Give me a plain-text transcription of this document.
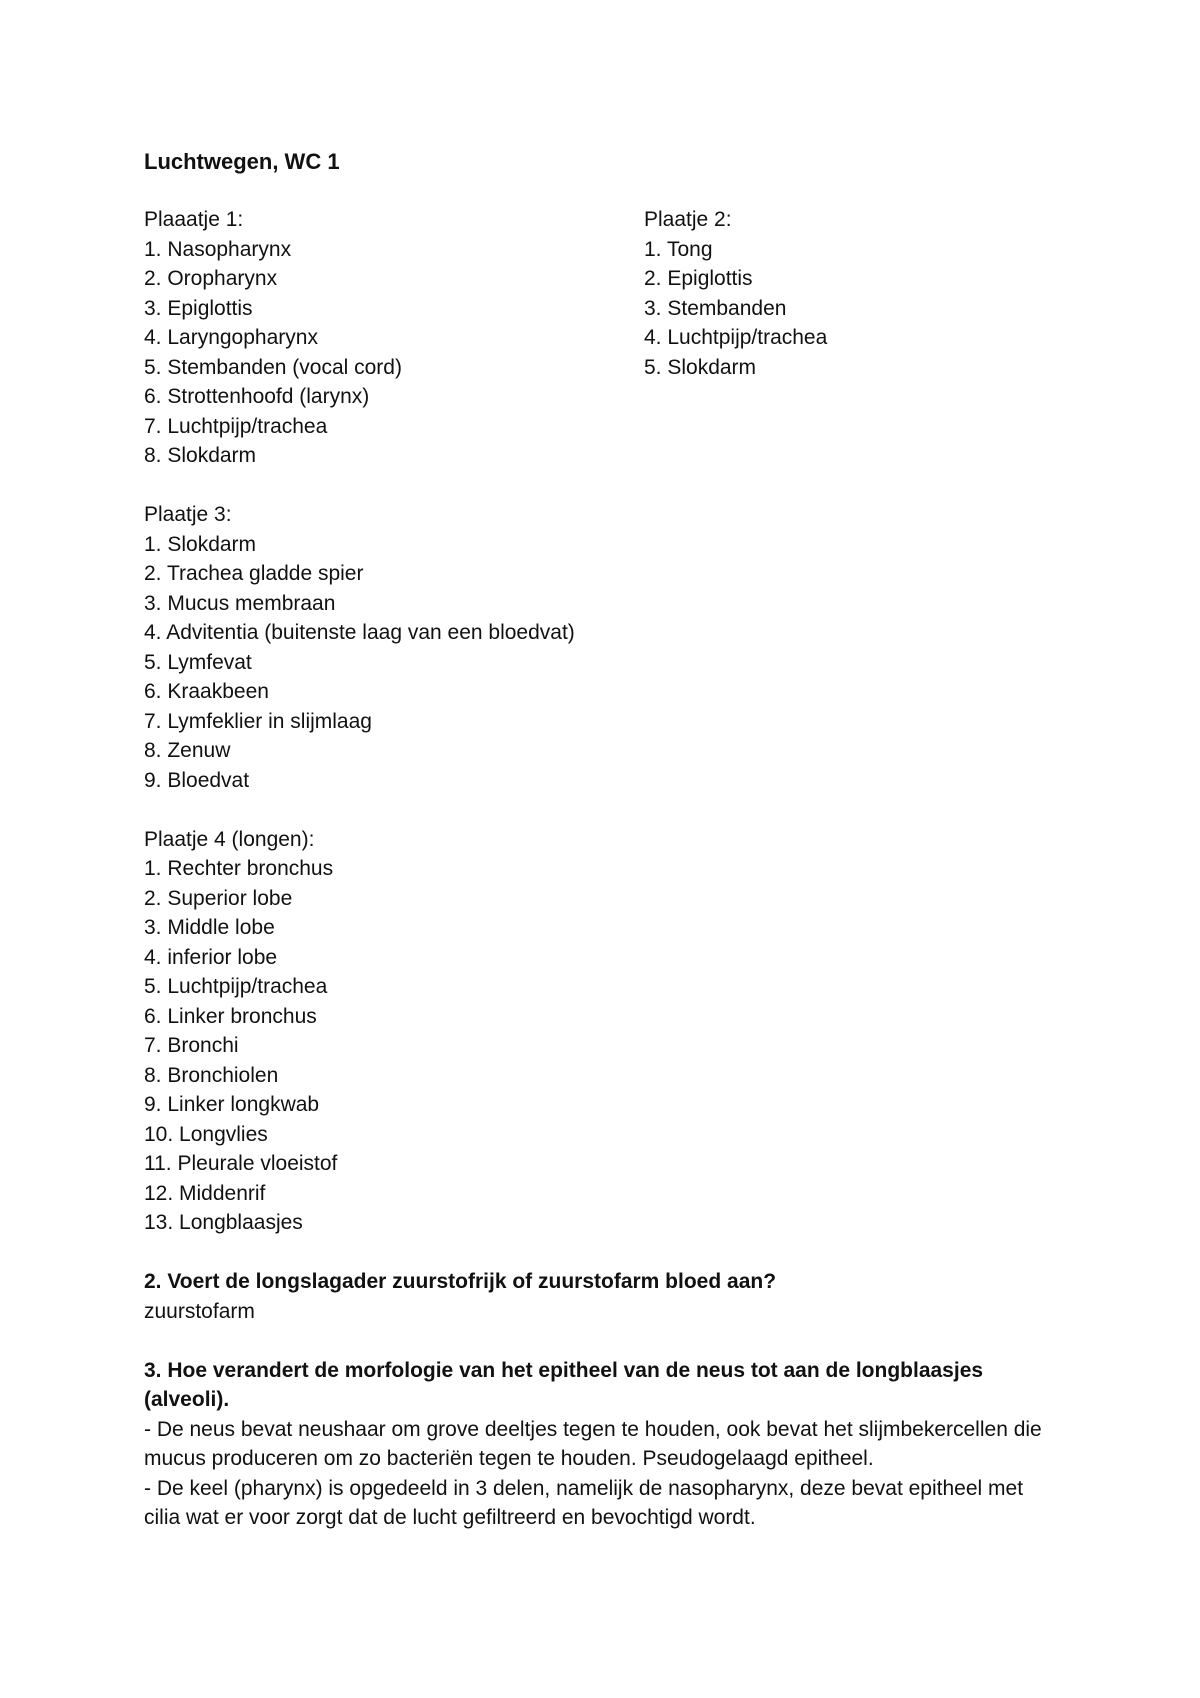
Luchtwegen, WC 1
Plaaatje 1:
1. Nasopharynx
2. Oropharynx
3. Epiglottis
4. Laryngopharynx
5. Stembanden (vocal cord)
6. Strottenhoofd (larynx)
7. Luchtpijp/trachea
8. Slokdarm
Plaatje 2:
1. Tong
2. Epiglottis
3. Stembanden
4. Luchtpijp/trachea
5. Slokdarm
Plaatje 3:
1. Slokdarm
2. Trachea gladde spier
3. Mucus membraan
4. Advitentia (buitenste laag van een bloedvat)
5. Lymfevat
6. Kraakbeen
7. Lymfeklier in slijmlaag
8. Zenuw
9. Bloedvat
Plaatje 4 (longen):
1. Rechter bronchus
2. Superior lobe
3. Middle lobe
4. inferior lobe
5. Luchtpijp/trachea
6. Linker bronchus
7. Bronchi
8. Bronchiolen
9. Linker longkwab
10. Longvlies
11. Pleurale vloeistof
12. Middenrif
13. Longblaasjes
2. Voert de longslagader zuurstofrijk of zuurstofarm bloed aan?
zuurstofarm
3. Hoe verandert de morfologie van het epitheel van de neus tot aan de longblaasjes (alveoli).
- De neus bevat neushaar om grove deeltjes tegen te houden, ook bevat het slijmbekercellen die mucus produceren om zo bacteriën tegen te houden. Pseudogelaagd epitheel.
- De keel (pharynx) is opgedeeld in 3 delen, namelijk de nasopharynx, deze bevat epitheel met cilia wat er voor zorgt dat de lucht gefiltreerd en bevochtigd wordt.
